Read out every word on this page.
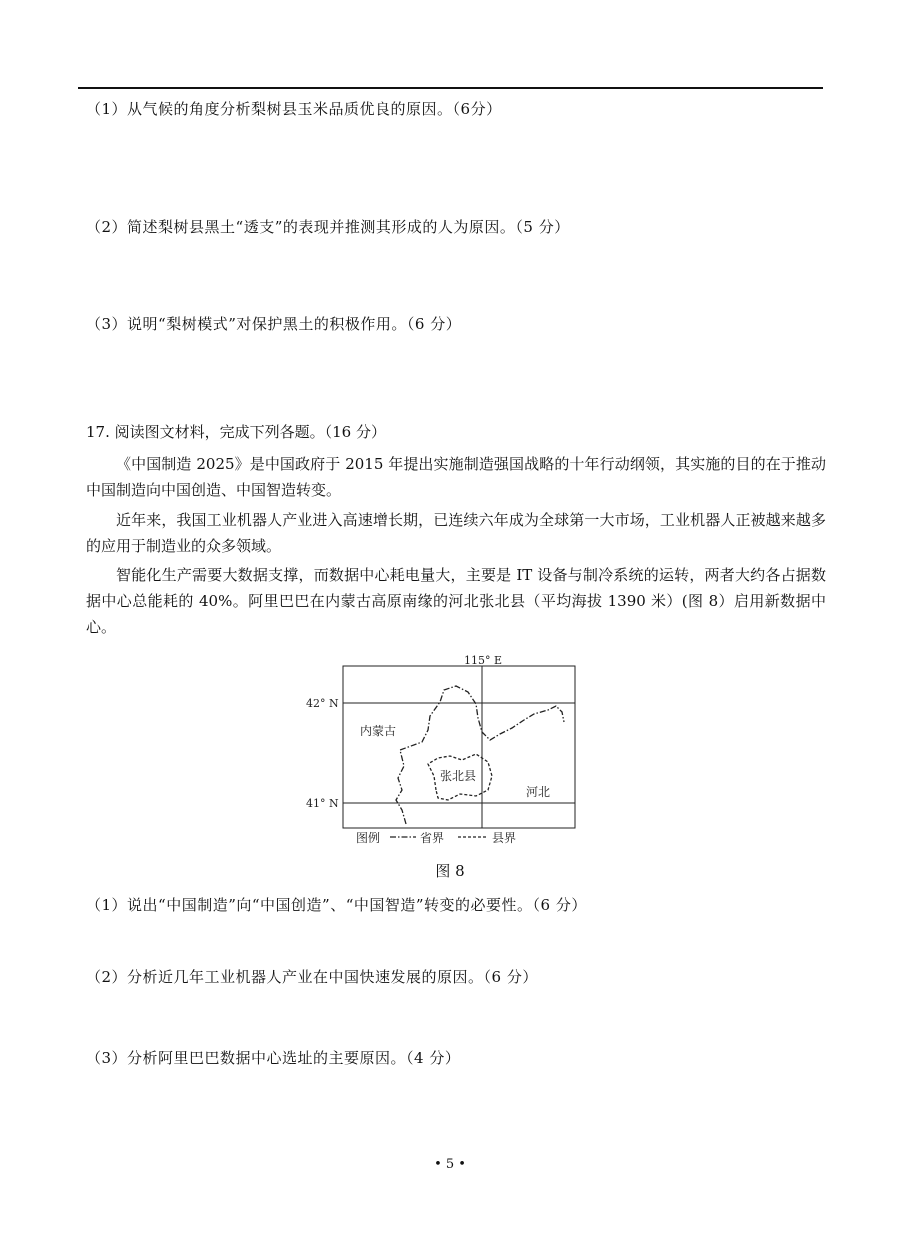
（1）从气候的角度分析梨树县玉米品质优良的原因。（6分）
（2）简述梨树县黑土“透支”的表现并推测其形成的人为原因。（5 分）
（3）说明“梨树模式”对保护黑土的积极作用。（6 分）
17. 阅读图文材料，完成下列各题。（16 分）
《中国制造 2025》是中国政府于 2015 年提出实施制造强国战略的十年行动纲领，其实施的目的在于推动中国制造向中国创造、中国智造转变。
近年来，我国工业机器人产业进入高速增长期，已连续六年成为全球第一大市场，工业机器人正被越来越多的应用于制造业的众多领域。
智能化生产需要大数据支撑，而数据中心耗电量大，主要是 IT 设备与制冷系统的运转，两者大约各占据数据中心总能耗的 40%。阿里巴巴在内蒙古高原南缘的河北张北县（平均海拔 1390 米）(图 8）启用新数据中心。
115° E
42° N
41° N
内蒙古
张北县
河北
图例	省界	县界
图 8
（1）说出“中国制造”向“中国创造”、“中国智造”转变的必要性。（6 分）
（2）分析近几年工业机器人产业在中国快速发展的原因。（6 分）
（3）分析阿里巴巴数据中心选址的主要原因。（4 分）
• 5 •
